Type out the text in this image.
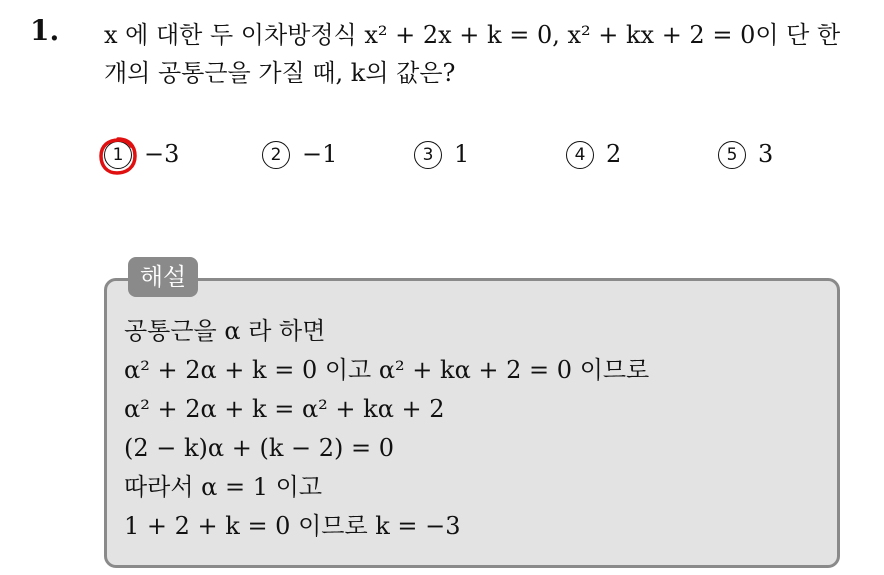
1. x 에 대한 두 이차방정식 x² + 2x + k = 0, x² + kx + 2 = 0이 단 한
개의 공통근을 가질 때, k의 값은?
1 −3	2 −1	3 1	4 2	5 3
해설
공통근을 α 라 하면
α² + 2α + k = 0 이고 α² + kα + 2 = 0 이므로
α² + 2α + k = α² + kα + 2
(2 − k)α + (k − 2) = 0
따라서 α = 1 이고
1 + 2 + k = 0 이므로 k = −3
